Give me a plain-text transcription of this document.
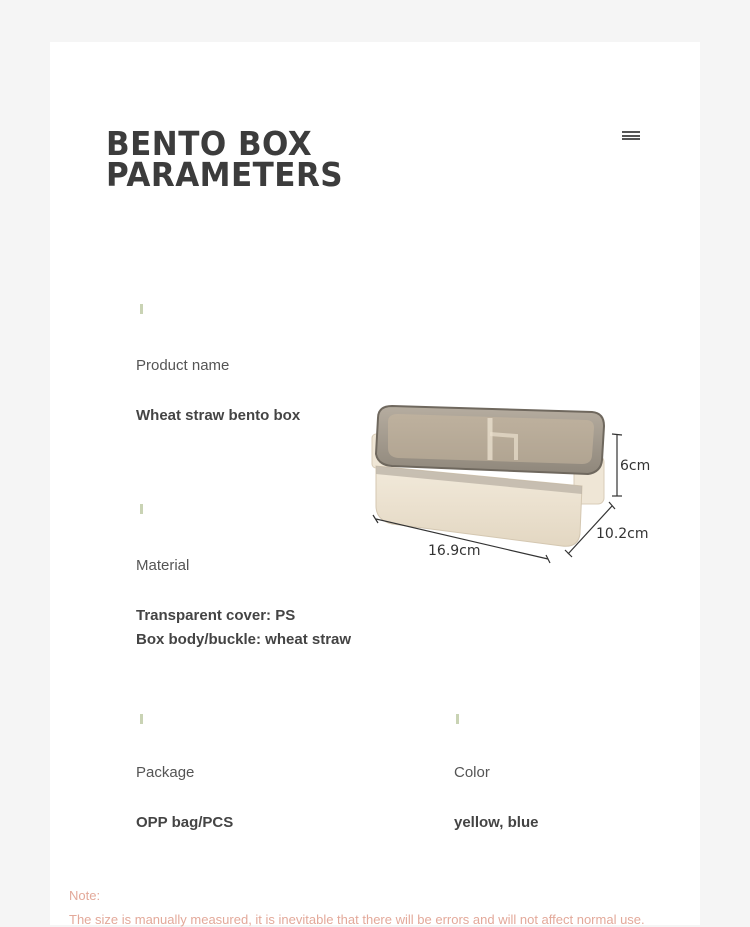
BENTO BOX
PARAMETERS
Product name
Wheat straw bento box
Material
Transparent cover: PS
Box body/buckle: wheat straw
Package
OPP bag/PCS
Color
yellow, blue
6cm
10.2cm
16.9cm
Note:
The size is manually measured, it is inevitable that there will be errors and will not affect normal use.
